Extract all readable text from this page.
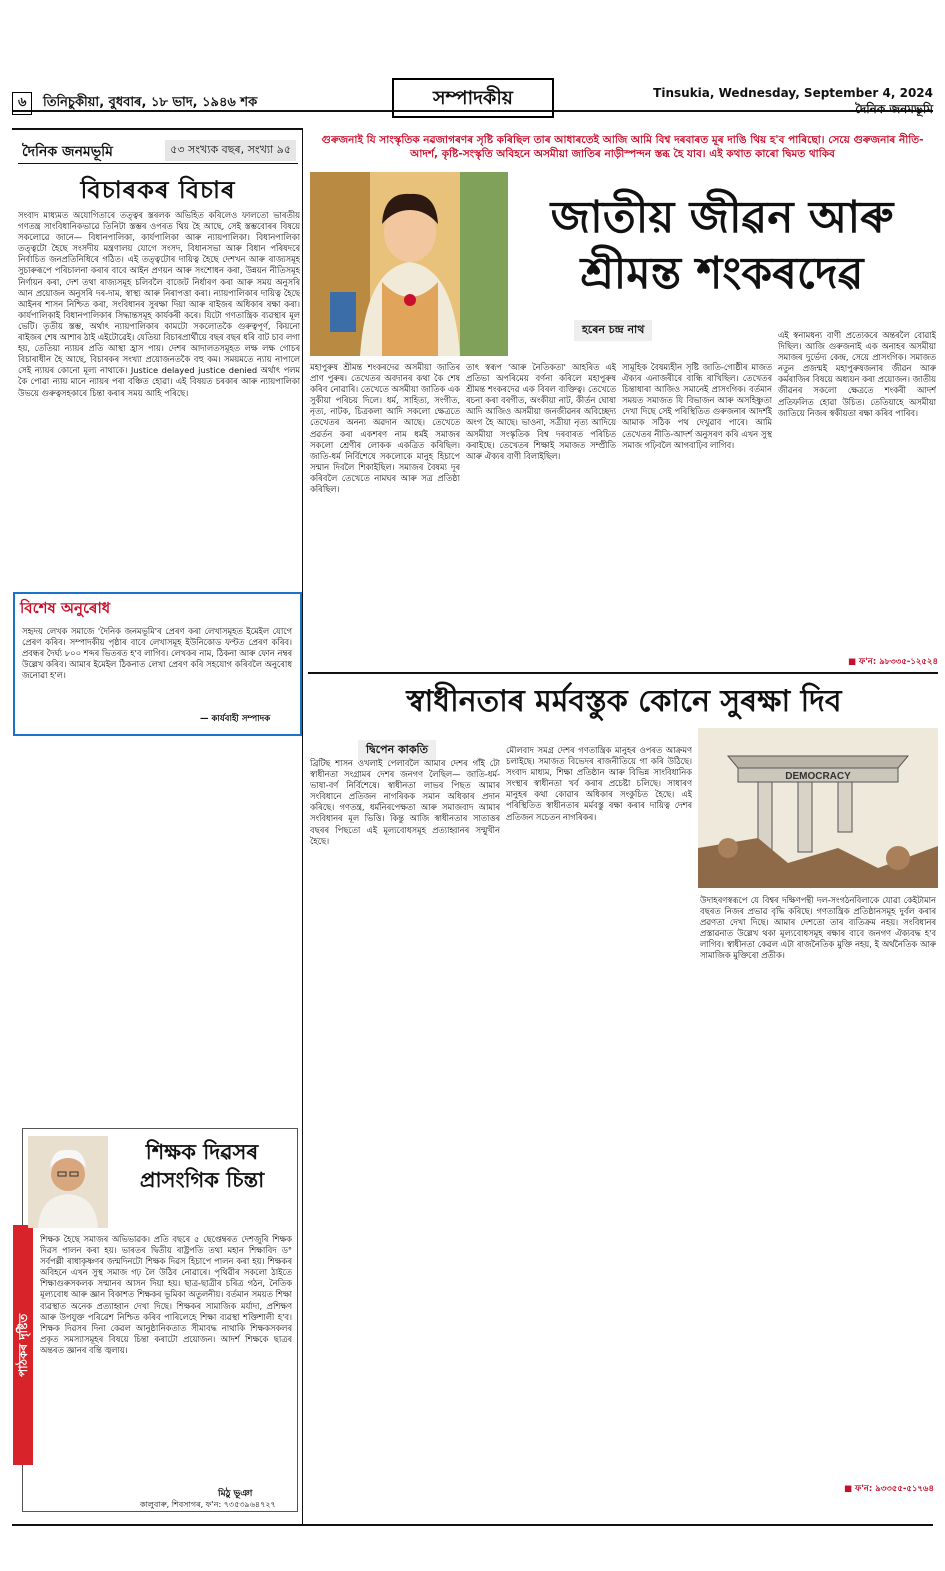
৬ তিনিচুকীয়া, বুধবাৰ, ১৮ ভাদ, ১৯৪৬ শক	সম্পাদকীয়	Tinsukia, Wednesday, September 4, 2024
দৈনিক জনমভূমি
দৈনিক জনমভূমি	৫৩ সংখ্যক বছৰ, সংখ্যা ৯৫
বিচাৰকৰ বিচাৰ
সংবাদ মাধ্যমত অযোগিতাৰে তত্ত্বৰ স্তৰলক অভিহিত কৰিলেও ফালতো ভাৰতীয় গণতন্ত্ৰ সাংবিধানিকভাৱে তিনিটা স্তম্ভৰ ওপৰত থিয় হৈ আছে, সেই স্তম্ভবোৰৰ বিষয়ে সকলোৱে জানে— বিধানপালিকা, কাৰ্যপালিকা আৰু ন্যায়পালিকা। বিধানপালিকা তত্ত্বটো হৈছে সংসদীয় মন্ত্ৰণালয় যোগে সংসদ, বিধানসভা আৰু বিধান পৰিষদৰে নিৰ্বাচিত জনপ্ৰতিনিধিৰে গঠিত। এই তত্ত্বটোৰ দায়িত্ব হৈছে দেশখন আৰু ৰাজ্যসমূহ সুচাৰুৰূপে পৰিচালনা কৰাৰ বাবে আইন প্ৰণয়ন আৰু সংশোধন কৰা, উন্নয়ন নীতিসমূহ নিৰ্ণায়ন কৰা, দেশ তথা ৰাজ্যসমূহ চলিবলৈ বাজেট নিৰ্ধাৰণ কৰা আৰু সময় অনুসৰি আন প্ৰয়োজন অনুসৰি দৰ-দাম, স্বাস্থ্য আৰু নিৰাপত্তা কৰা। ন্যায়পালিকাৰ দায়িত্ব হৈছে আইনৰ শাসন নিশ্চিত কৰা, সংবিধানৰ সুৰক্ষা দিয়া আৰু ৰাইজৰ অধিকাৰ ৰক্ষা কৰা। কাৰ্যপালিকাই বিধানপালিকাৰ সিদ্ধান্তসমূহ কাৰ্যকৰী কৰে। যিটো গণতান্ত্ৰিক ব্যৱস্থাৰ মূল ভেটি। তৃতীয় স্তম্ভ, অৰ্থাৎ ন্যায়পালিকাৰ কামটো সকলোতকৈ গুৰুত্বপূৰ্ণ, কিয়নো ৰাইজৰ শেষ আশাৰ ঠাই এইটোৱেই। যেতিয়া বিচাৰপ্ৰাৰ্থীয়ে বছৰ বছৰ ধৰি বাট চাব লগা হয়, তেতিয়া ন্যায়ৰ প্ৰতি আস্থা হ্ৰাস পায়। দেশৰ আদালতসমূহত লক্ষ লক্ষ গোচৰ বিচাৰাধীন হৈ আছে, বিচাৰকৰ সংখ্যা প্ৰয়োজনতকৈ বহু কম। সময়মতে ন্যায় নাপালে সেই ন্যায়ৰ কোনো মূল্য নাথাকে। Justice delayed justice denied অৰ্থাৎ পলম কৈ পোৱা ন্যায় মানে ন্যায়ৰ পৰা বঞ্চিত হোৱা। এই বিষয়ত চৰকাৰ আৰু ন্যায়পালিকা উভয়ে গুৰুত্বসহকাৰে চিন্তা কৰাৰ সময় আহি পৰিছে।
বিশেষ অনুৰোধ
সহৃদয় লেখক সমাজে 'দৈনিক জনমভূমি'ৰ প্ৰেৰণ কৰা লেখাসমূহত ইমেইল যোগে প্ৰেৰণ কৰিব। সম্পাদকীয় পৃষ্ঠাৰ বাবে লেখাসমূহ ইউনিকোড ফণ্টত প্ৰেৰণ কৰিব। প্ৰবন্ধৰ দৈৰ্ঘ্য ৮০০ শব্দৰ ভিতৰত হ'ব লাগিব। লেখকৰ নাম, ঠিকনা আৰু ফোন নম্বৰ উল্লেখ কৰিব। আমাৰ ইমেইল ঠিকনাত লেখা প্ৰেৰণ কৰি সহযোগ কৰিবলৈ অনুৰোধ জনোৱা হ'ল।
— কাৰ্যবাহী সম্পাদক
পাঠকৰ দৃষ্টিত
শিক্ষক দিৱসৰ প্ৰাসংগিক চিন্তা
শিক্ষক হৈছে সমাজৰ অভিভাৱক। প্ৰতি বছৰে ৫ ছেপ্তেম্বৰত দেশজুৰি শিক্ষক দিৱস পালন কৰা হয়। ভাৰতৰ দ্বিতীয় ৰাষ্ট্ৰপতি তথা মহান শিক্ষাবিদ ড° সৰ্বপল্লী ৰাধাকৃষ্ণণৰ জন্মদিনটো শিক্ষক দিৱস হিচাপে পালন কৰা হয়। শিক্ষকৰ অবিহনে এখন সুস্থ সমাজ গঢ় লৈ উঠিব নোৱাৰে। পৃথিৱীৰ সকলো ঠাইতে শিক্ষাগুৰুসকলক সন্মানৰ আসন দিয়া হয়। ছাত্ৰ-ছাত্ৰীৰ চৰিত্ৰ গঠন, নৈতিক মূল্যবোধ আৰু জ্ঞান বিকাশত শিক্ষকৰ ভূমিকা অতুলনীয়। বৰ্তমান সময়ত শিক্ষা ব্যৱস্থাত অনেক প্ৰত্যাহ্বান দেখা দিছে। শিক্ষকৰ সামাজিক মৰ্যাদা, প্ৰশিক্ষণ আৰু উপযুক্ত পৰিৱেশ নিশ্চিত কৰিব পাৰিলেহে শিক্ষা ব্যৱস্থা শক্তিশালী হ'ব। শিক্ষক দিৱসৰ দিনা কেৱল আনুষ্ঠানিকতাত সীমাবদ্ধ নাথাকি শিক্ষকসকলৰ প্ৰকৃত সমস্যাসমূহৰ বিষয়ে চিন্তা কৰাটো প্ৰয়োজন। আদৰ্শ শিক্ষকে ছাত্ৰৰ অন্তৰত জ্ঞানৰ বন্তি জ্বলায়।
মিঠু ভূঞা
কালুবাৰু, শিবসাগৰ, ফ'ন: ৭৩৫৩৯৬৪৭২৭
গুৰুজনাই যি সাংস্কৃতিক নৱজাগৰণৰ সৃষ্টি কৰিছিল তাৰ আধাৰতেই আজি আমি বিশ্ব দৰবাৰত মূৰ দাঙি থিয় হ'ব পাৰিছো। সেয়ে গুৰুজনাৰ নীতি-আদৰ্শ, কৃষ্টি-সংস্কৃতি অবিহনে অসমীয়া জাতিৰ নাড়ীস্পন্দন স্তব্ধ হৈ যাব। এই কথাত কাৰো দ্বিমত থাকিব
জাতীয় জীৱন আৰু
শ্ৰীমন্ত শংকৰদেৱ
হৰেন চন্দ্ৰ নাথ
মহাপুৰুষ শ্ৰীমন্ত শংকৰদেৱ অসমীয়া জাতিৰ প্ৰাণ পুৰুষ। তেখেতৰ অবদানৰ কথা কৈ শেষ কৰিব নোৱাৰি। তেখেতে অসমীয়া জাতিক এক সুকীয়া পৰিচয় দিলে। ধৰ্ম, সাহিত্য, সংগীত, নৃত্য, নাটক, চিত্ৰকলা আদি সকলো ক্ষেত্ৰতে তেখেতৰ অনন্য অৱদান আছে। তেখেতে প্ৰৱৰ্তন কৰা একশৰণ নাম ধৰ্মই সমাজৰ সকলো শ্ৰেণীৰ লোকক একত্ৰিত কৰিছিল। জাতি-ধৰ্ম নিৰ্বিশেষে সকলোকে মানুহ হিচাপে সন্মান দিবলৈ শিকাইছিল। সমাজৰ বৈষম্য দূৰ কৰিবলৈ তেখেতে নামঘৰ আৰু সত্ৰ প্ৰতিষ্ঠা কৰিছিল।
তাৎ স্বৰূপ 'আৰু নৈতিকতা' আহৰিত এই প্ৰতিভা অপৰিমেয় বৰ্ণনা কৰিলে মহাপুৰুষ শ্ৰীমন্ত শংকৰদেৱ এক বিৰল ব্যক্তিত্ব। তেখেতে ৰচনা কৰা বৰগীত, অংকীয়া নাট, কীৰ্তন ঘোষা আদি আজিও অসমীয়া জনজীৱনৰ অবিচ্ছেদ্য অংগ হৈ আছে। ভাওনা, সত্ৰীয়া নৃত্য আদিয়ে অসমীয়া সংস্কৃতিক বিশ্ব দৰবাৰত পৰিচিত কৰাইছে। তেখেতৰ শিক্ষাই সমাজত সম্প্ৰীতি আৰু ঐক্যৰ বাণী বিলাইছিল।
সামূহিক বৈষম্যহীন সৃষ্টি জাতি-গোষ্ঠীৰ মাজত ঐক্যৰ এনাজৰীৰে বান্ধি ৰাখিছিল। তেখেতৰ চিন্তাধাৰা আজিও সমানেই প্ৰাসংগিক। বৰ্তমান সময়ত সমাজত যি বিভাজন আৰু অসহিষ্ণুতা দেখা দিছে সেই পৰিস্থিতিত গুৰুজনাৰ আদৰ্শই আমাক সঠিক পথ দেখুৱাব পাৰে। আমি তেখেতৰ নীতি-আদৰ্শ অনুসৰণ কৰি এখন সুস্থ সমাজ গঢ়িবলৈ আগবাঢ়িব লাগিব।
এই স্বনামধন্য বাণী প্ৰত্যেকৰে অন্তৰলৈ বোৱাই দিছিল। আজি গুৰুজনাই এক অনাহৰ অসমীয়া সমাজৰ দুৰ্ভেদ্য কেন্দ্ৰ, সেয়ে প্ৰাসংগিক। সমাজত নতুন প্ৰজন্মই মহাপুৰুষজনাৰ জীৱন আৰু কৰ্মৰাজিৰ বিষয়ে অধ্যয়ন কৰা প্ৰয়োজন। জাতীয় জীৱনৰ সকলো ক্ষেত্ৰতে শংকৰী আদৰ্শ প্ৰতিফলিত হোৱা উচিত। তেতিয়াহে অসমীয়া জাতিয়ে নিজৰ স্বকীয়তা ৰক্ষা কৰিব পাৰিব।
■ ফ'ন: ৯৮৩৩৫-১২৫২৪
স্বাধীনতাৰ মৰ্মবস্তুক কোনে সুৰক্ষা দিব
দ্বিপেন কাকতি
DEMOCRACY
ব্ৰিটিছ শাসন ওখলাই পেলাবলৈ আমাৰ দেশৰ গাঁই টো স্বাধীনতা সংগ্ৰামৰ দেশৰ জনগণ লৈছিল— জাতি-ধৰ্ম-ভাষা-বৰ্ণ নিৰ্বিশেষে। স্বাধীনতা লাভৰ পিছত আমাৰ সংবিধানে প্ৰতিজন নাগৰিকক সমান অধিকাৰ প্ৰদান কৰিছে। গণতন্ত্ৰ, ধৰ্মনিৰপেক্ষতা আৰু সমাজবাদ আমাৰ সংবিধানৰ মূল ভিত্তি। কিন্তু আজি স্বাধীনতাৰ সাতাত্তৰ বছৰৰ পিছতো এই মূল্যবোধসমূহ প্ৰত্যাহ্বানৰ সন্মুখীন হৈছে।
মৌলবাদ সমগ্ৰ দেশৰ গণতান্ত্ৰিক মানুহৰ ওপৰত আক্ৰমণ চলাইছে। সমাজত বিভেদৰ ৰাজনীতিয়ে গা কৰি উঠিছে। সংবাদ মাধ্যম, শিক্ষা প্ৰতিষ্ঠান আৰু বিভিন্ন সাংবিধানিক সংস্থাৰ স্বাধীনতা খৰ্ব কৰাৰ প্ৰচেষ্টা চলিছে। সাধাৰণ মানুহৰ কথা কোৱাৰ অধিকাৰ সংকুচিত হৈছে। এই পৰিস্থিতিত স্বাধীনতাৰ মৰ্মবস্তু ৰক্ষা কৰাৰ দায়িত্ব দেশৰ প্ৰতিজন সচেতন নাগৰিকৰ।
উদাহৰণস্বৰূপে যে বিশ্বৰ দক্ষিণপন্থী দল-সংগঠনবিলাকে যোৱা কেইটামান বছৰত নিজৰ প্ৰভাৱ বৃদ্ধি কৰিছে। গণতান্ত্ৰিক প্ৰতিষ্ঠানসমূহ দুৰ্বল কৰাৰ প্ৰৱণতা দেখা দিছে। আমাৰ দেশতো তাৰ ব্যতিক্ৰম নহয়। সংবিধানৰ প্ৰস্তাৱনাত উল্লেখ থকা মূল্যবোধসমূহ ৰক্ষাৰ বাবে জনগণ ঐক্যবদ্ধ হ'ব লাগিব। স্বাধীনতা কেৱল এটা ৰাজনৈতিক মুক্তি নহয়, ই অৰ্থনৈতিক আৰু সামাজিক মুক্তিৰো প্ৰতীক।
■ ফ'ন: ৯৩৩৫৫-৫১৭৬৪
